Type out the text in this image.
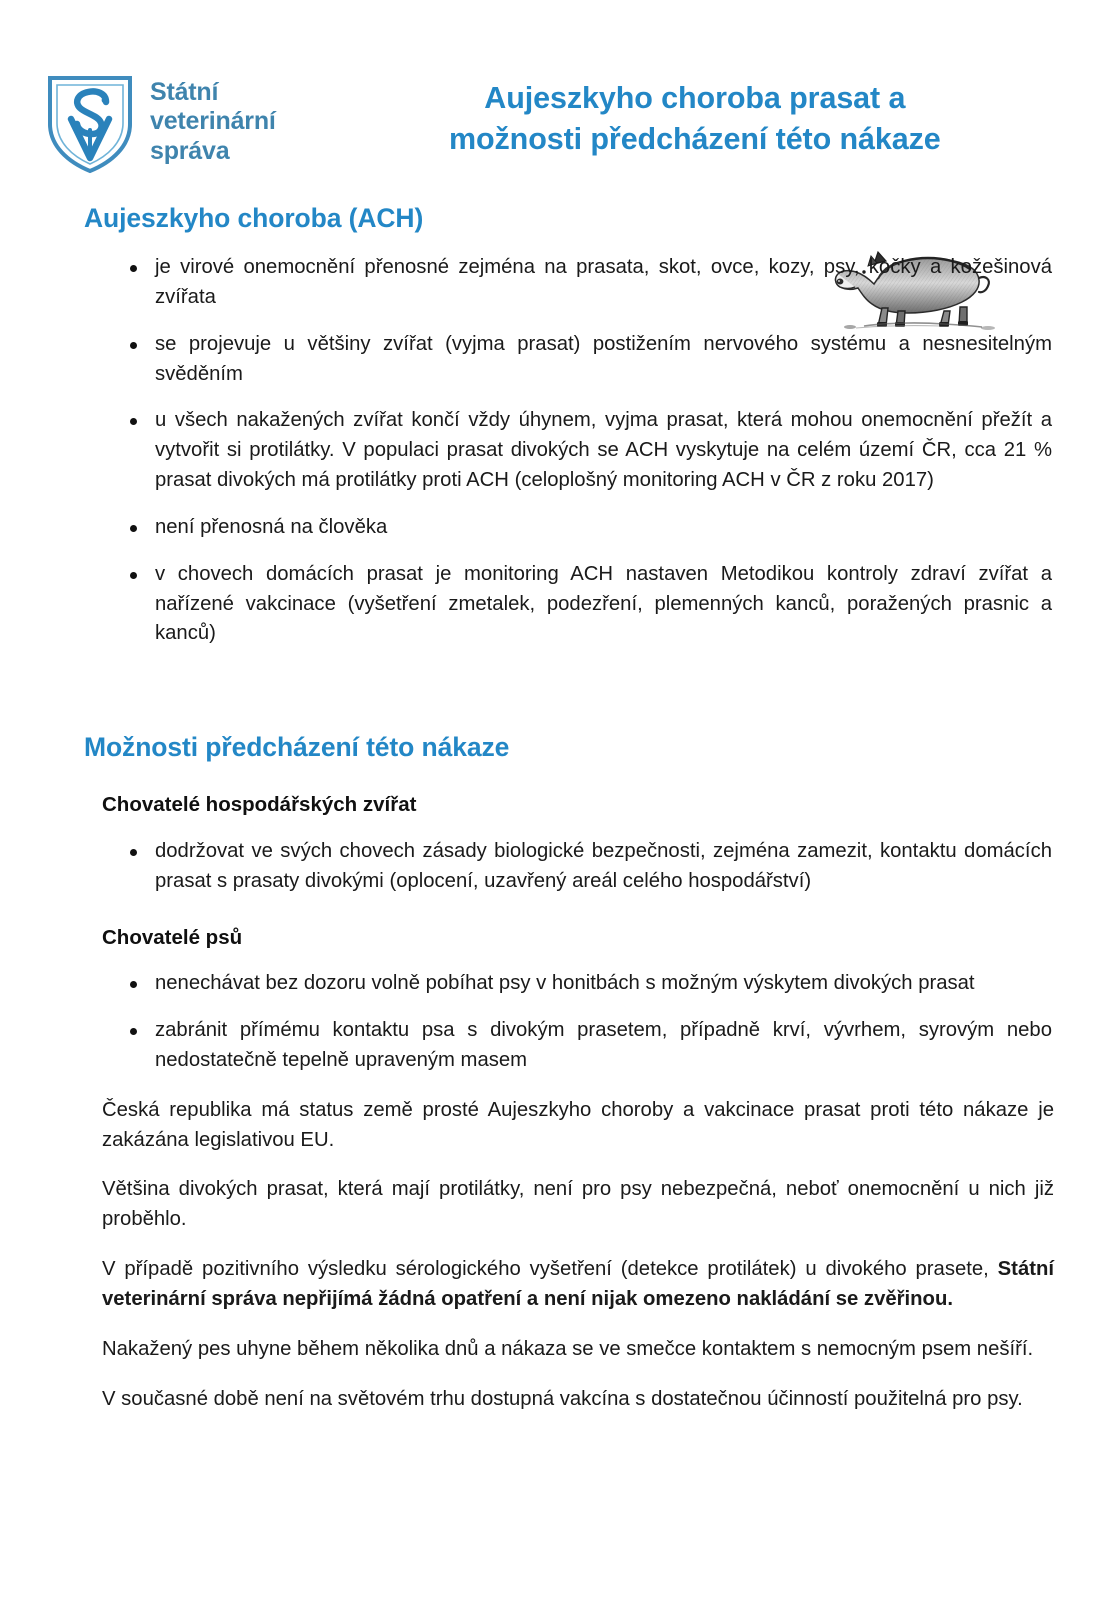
Státní
veterinární
správa
Aujeszkyho choroba prasat a
možnosti předcházení této nákaze
Aujeszkyho choroba (ACH)
je virové onemocnění přenosné zejména na prasata, skot, ovce, kozy, psy, kočky a kožešinová zvířata
se projevuje u většiny zvířat (vyjma prasat) postižením nervového systému a nesnesitelným svěděním
u všech nakažených zvířat končí vždy úhynem, vyjma prasat, která mohou onemocnění přežít a vytvořit si protilátky. V populaci prasat divokých se ACH vyskytuje na celém území ČR, cca 21 % prasat divokých má protilátky proti ACH (celoplošný monitoring ACH v ČR z roku 2017)
není přenosná na člověka
v chovech domácích prasat je monitoring ACH nastaven Metodikou kontroly zdraví zvířat a nařízené vakcinace (vyšetření zmetalek, podezření, plemenných kanců, poražených prasnic a kanců)
Možnosti předcházení této nákaze
Chovatelé hospodářských zvířat
dodržovat ve svých chovech zásady biologické bezpečnosti, zejména zamezit, kontaktu domácích prasat s prasaty divokými (oplocení, uzavřený areál celého hospodářství)
Chovatelé psů
nenechávat bez dozoru volně pobíhat psy v honitbách s možným výskytem divokých prasat
zabránit přímému kontaktu psa s divokým prasetem, případně krví, vývrhem, syrovým nebo nedostatečně tepelně upraveným masem

Česká republika má status země prosté Aujeszkyho choroby a vakcinace prasat proti této nákaze je zakázána legislativou EU.

Většina divokých prasat, která mají protilátky, není pro psy nebezpečná, neboť onemocnění u nich již proběhlo.

V případě pozitivního výsledku sérologického vyšetření (detekce protilátek) u divokého prasete, Státní veterinární správa nepřijímá žádná opatření a není nijak omezeno nakládání se zvěřinou.

Nakažený pes uhyne během několika dnů a nákaza se ve smečce kontaktem s nemocným psem nešíří.

V současné době není na světovém trhu dostupná vakcína s dostatečnou účinností použitelná pro psy.
